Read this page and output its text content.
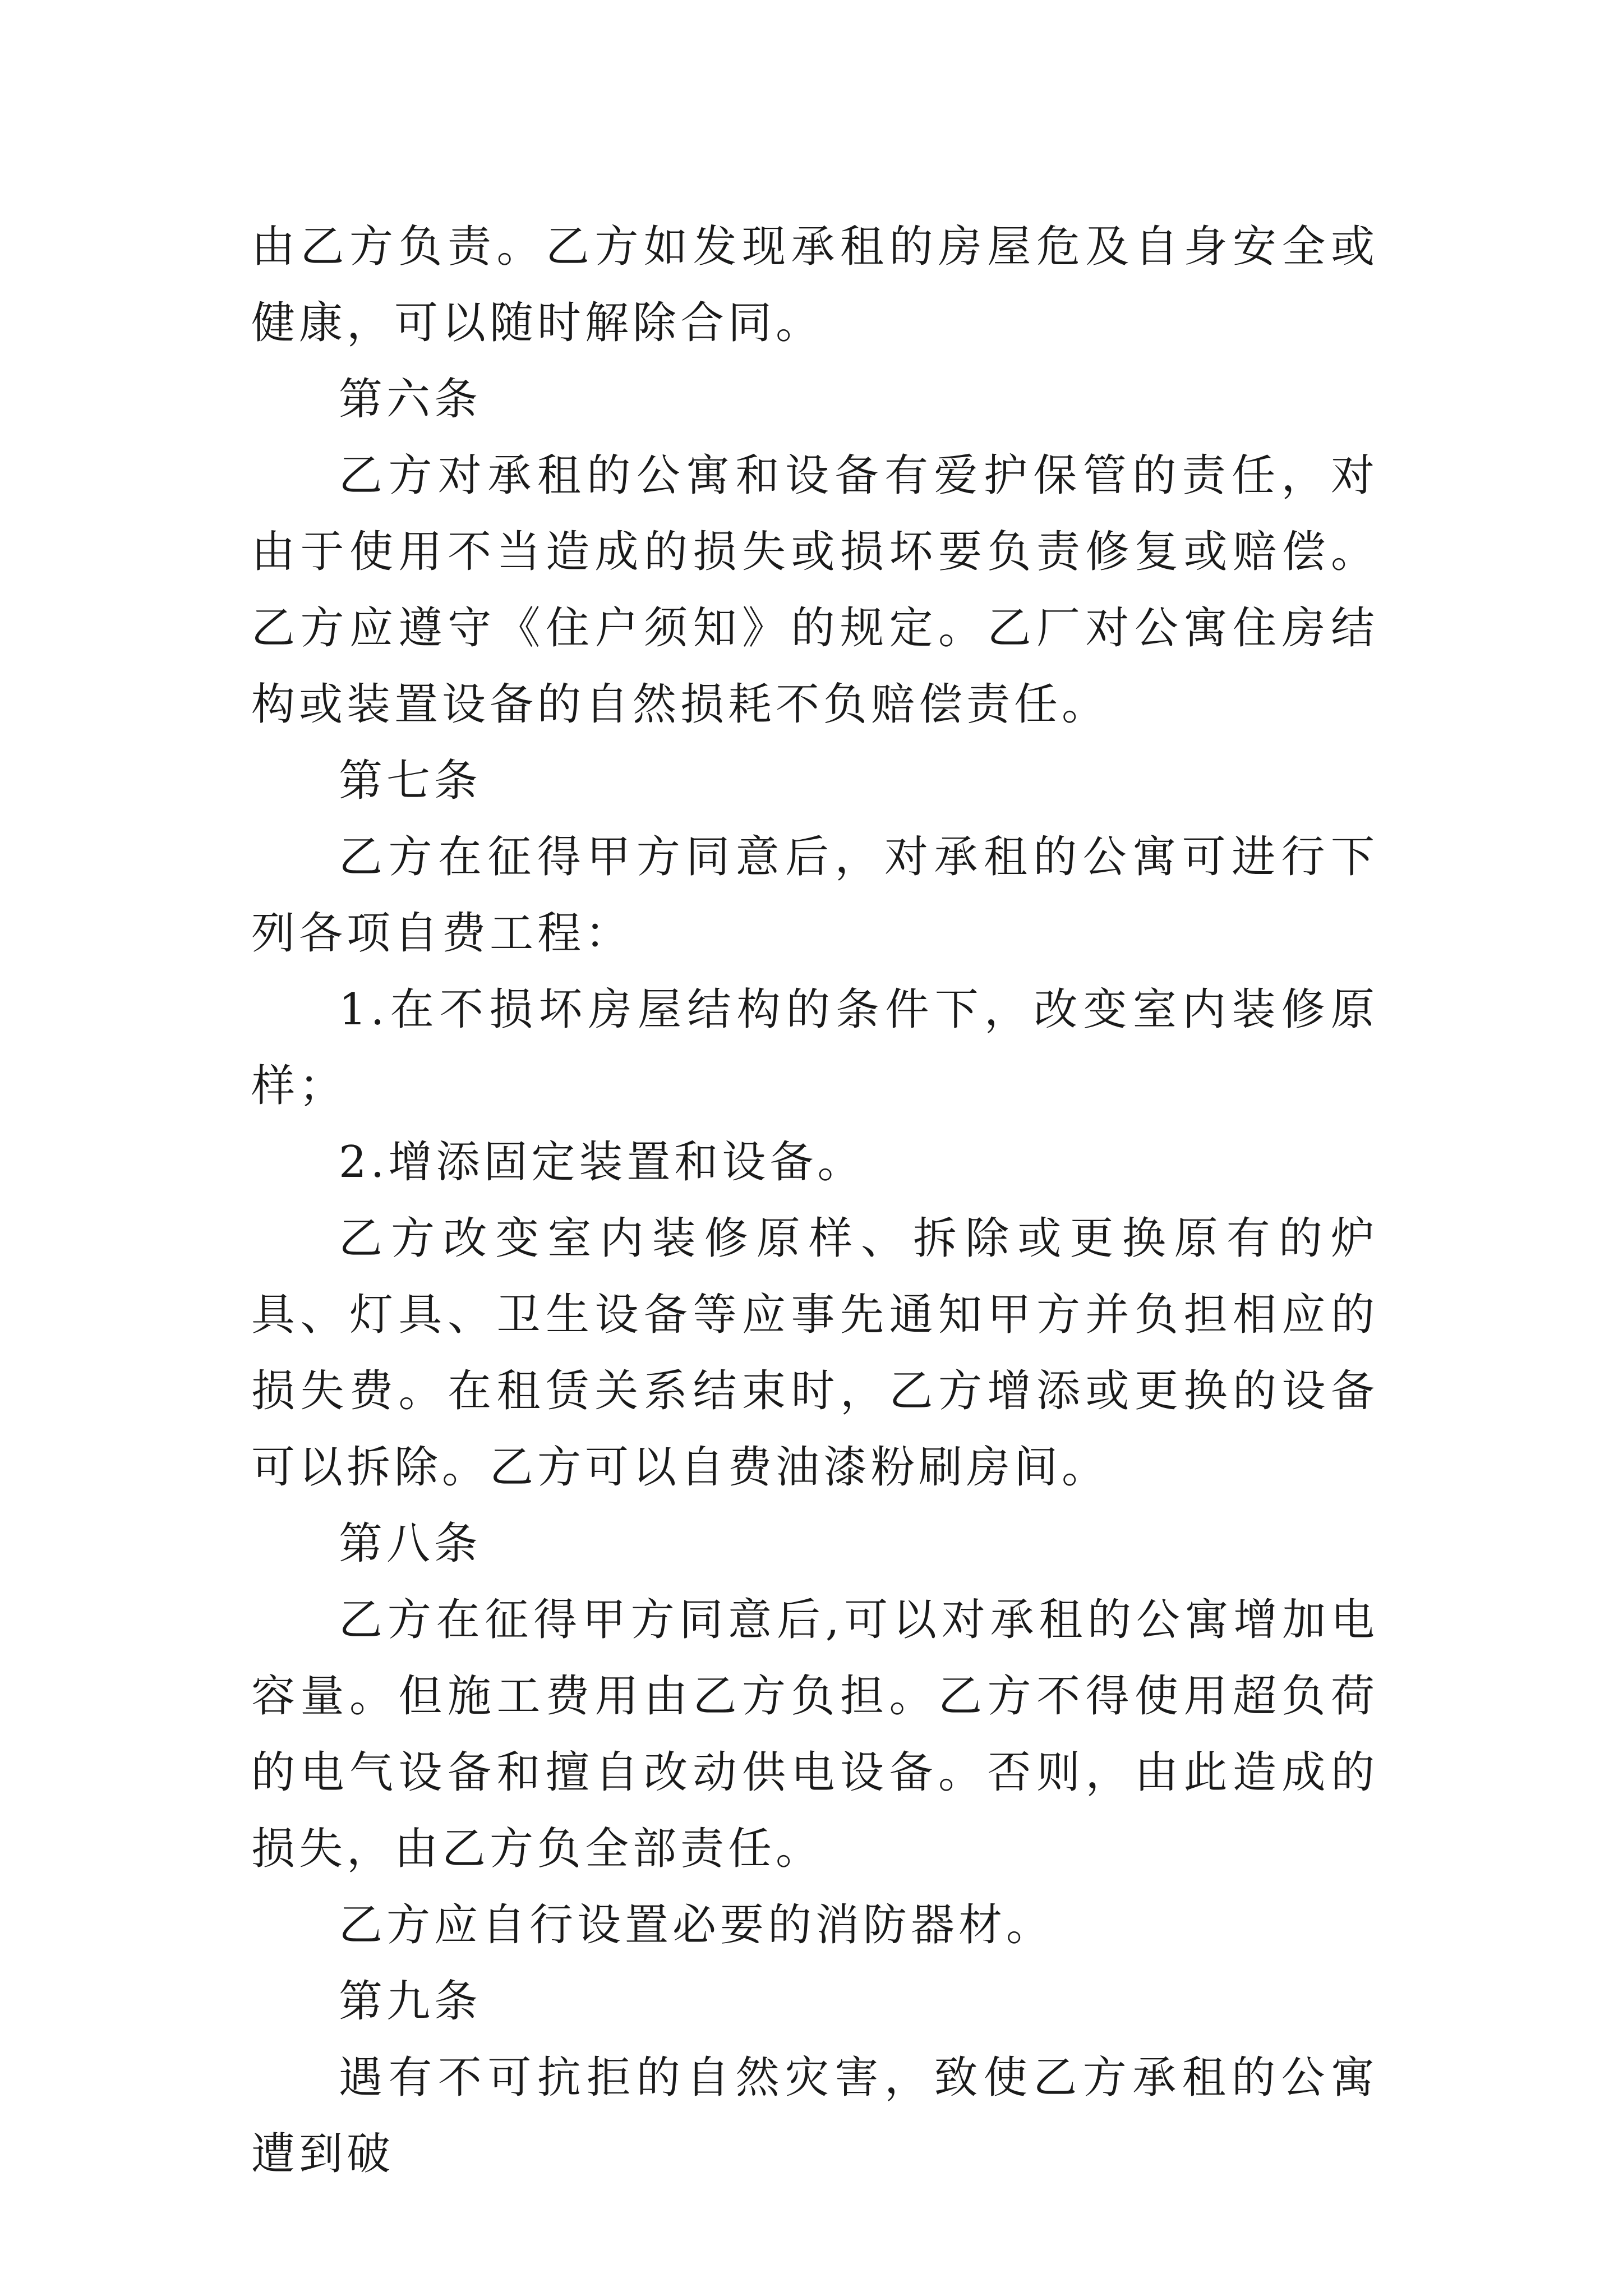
由乙方负责。乙方如发现承租的房屋危及自身安全或健康，可以随时解除合同。

第六条

乙方对承租的公寓和设备有爱护保管的责任，对由于使用不当造成的损失或损坏要负责修复或赔偿。乙方应遵守《住户须知》的规定。乙厂对公寓住房结构或装置设备的自然损耗不负赔偿责任。

第七条

乙方在征得甲方同意后，对承租的公寓可进行下列各项自费工程：

1.在不损坏房屋结构的条件下，改变室内装修原样；

2.增添固定装置和设备。

乙方改变室内装修原样、拆除或更换原有的炉具、灯具、卫生设备等应事先通知甲方并负担相应的损失费。在租赁关系结束时，乙方增添或更换的设备可以拆除。乙方可以自费油漆粉刷房间。

第八条

乙方在征得甲方同意后,可以对承租的公寓增加电容量。但施工费用由乙方负担。乙方不得使用超负荷的电气设备和擅自改动供电设备。否则，由此造成的损失，由乙方负全部责任。

乙方应自行设置必要的消防器材。

第九条

遇有不可抗拒的自然灾害，致使乙方承租的公寓遭到破
